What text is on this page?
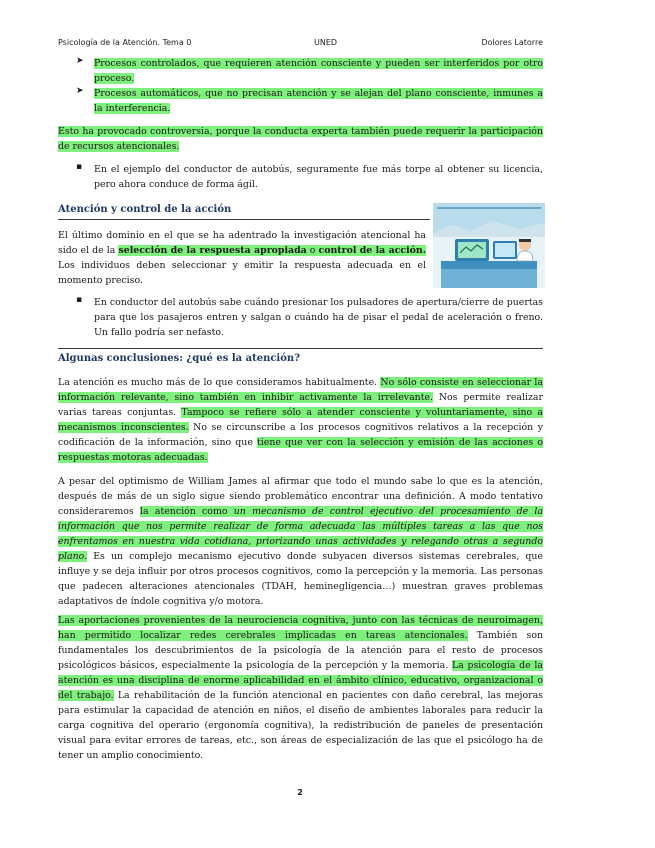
Psicología de la Atención. Tema 0	UNED	Dolores Latorre
➤ Procesos controlados, que requieren atención consciente y pueden ser interferidos por otro proceso.
➤ Procesos automáticos, que no precisan atención y se alejan del plano consciente, inmunes a la interferencia.
Esto ha provocado controversia, porque la conducta experta también puede requerir la participación de recursos atencionales.
▪ En el ejemplo del conductor de autobús, seguramente fue más torpe al obtener su licencia, pero ahora conduce de forma ágil.
Atención y control de la acción
El último dominio en el que se ha adentrado la investigación atencional ha sido el de la selección de la respuesta apropiada o control de la acción. Los individuos deben seleccionar y emitir la respuesta adecuada en el momento preciso.
▪ En conductor del autobús sabe cuándo presionar los pulsadores de apertura/cierre de puertas para que los pasajeros entren y salgan o cuándo ha de pisar el pedal de aceleración o freno. Un fallo podría ser nefasto.
Algunas conclusiones: ¿qué es la atención?
La atención es mucho más de lo que consideramos habitualmente. No sólo consiste en seleccionar la información relevante, sino también en inhibir activamente la irrelevante. Nos permite realizar varias tareas conjuntas. Tampoco se refiere sólo a atender consciente y voluntariamente, sino a mecanismos inconscientes. No se circunscribe a los procesos cognitivos relativos a la recepción y codificación de la información, sino que tiene que ver con la selección y emisión de las acciones o respuestas motoras adecuadas.
A pesar del optimismo de William James al afirmar que todo el mundo sabe lo que es la atención, después de más de un siglo sigue siendo problemático encontrar una definición. A modo tentativo consideraremos la atención como un mecanismo de control ejecutivo del procesamiento de la información que nos permite realizar de forma adecuada las múltiples tareas a las que nos enfrentamos en nuestra vida cotidiana, priorizando unas actividades y relegando otras a segundo plano. Es un complejo mecanismo ejecutivo donde subyacen diversos sistemas cerebrales, que influye y se deja influir por otros procesos cognitivos, como la percepción y la memoria. Las personas que padecen alteraciones atencionales (TDAH, heminegligencia…) muestran graves problemas adaptativos de índole cognitiva y/o motora.
Las aportaciones provenientes de la neurociencia cognitiva, junto con las técnicas de neuroimagen, han permitido localizar redes cerebrales implicadas en tareas atencionales. También son fundamentales los descubrimientos de la psicología de la atención para el resto de procesos psicológicos básicos, especialmente la psicología de la percepción y la memoria. La psicología de la atención es una disciplina de enorme aplicabilidad en el ámbito clínico, educativo, organizacional o del trabajo. La rehabilitación de la función atencional en pacientes con daño cerebral, las mejoras para estimular la capacidad de atención en niños, el diseño de ambientes laborales para reducir la carga cognitiva del operario (ergonomía cognitiva), la redistribución de paneles de presentación visual para evitar errores de tareas, etc., son áreas de especialización de las que el psicólogo ha de tener un amplio conocimiento.
2
